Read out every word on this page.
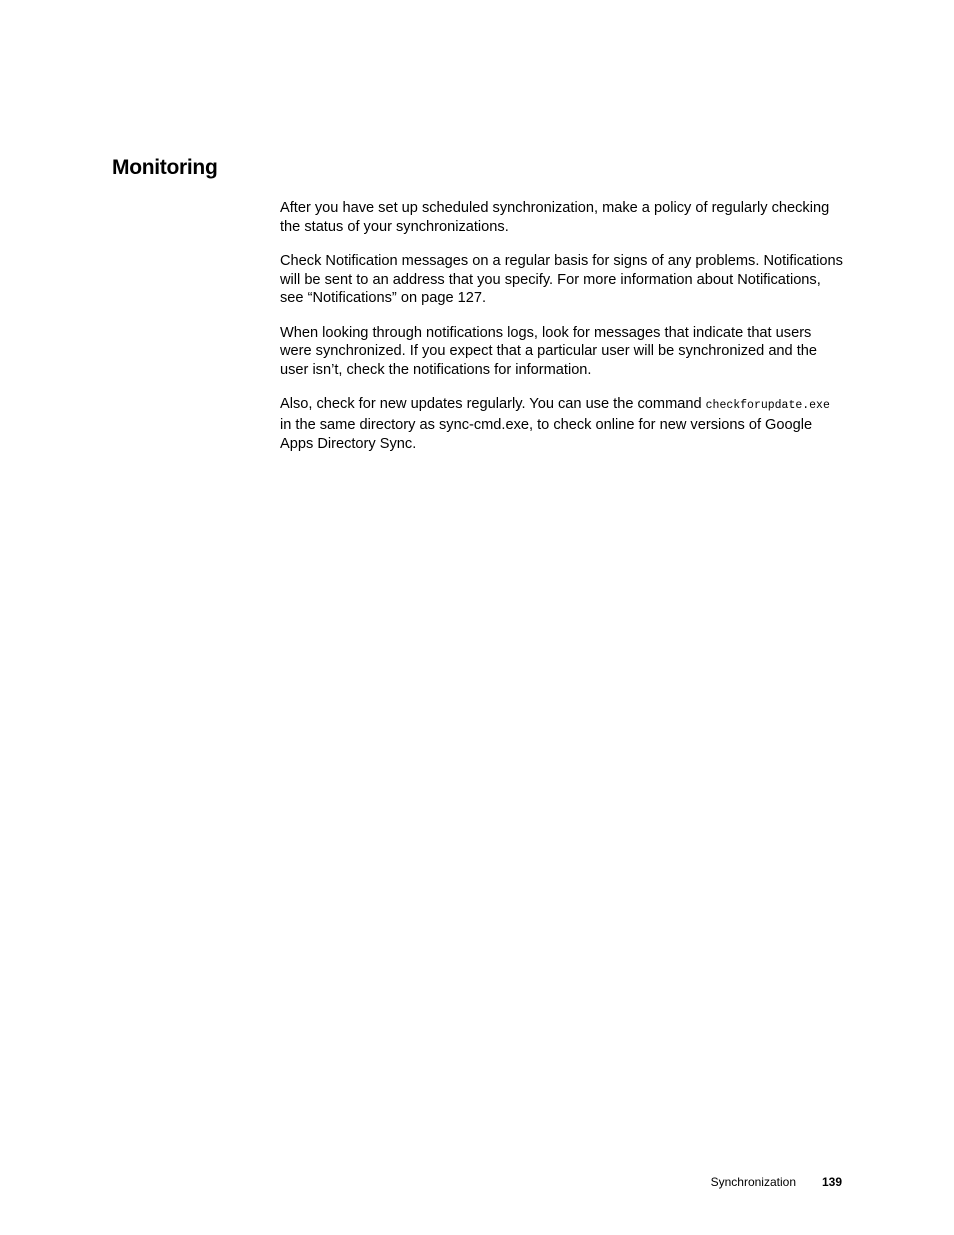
Monitoring

After you have set up scheduled synchronization, make a policy of regularly checking the status of your synchronizations.

Check Notification messages on a regular basis for signs of any problems. Notifications will be sent to an address that you specify. For more information about Notifications, see “Notifications” on page 127.

When looking through notifications logs, look for messages that indicate that users were synchronized. If you expect that a particular user will be synchronized and the user isn’t, check the notifications for information.

Also, check for new updates regularly. You can use the command checkforupdate.exe in the same directory as sync-cmd.exe, to check online for new versions of Google Apps Directory Sync.

Synchronization 139
